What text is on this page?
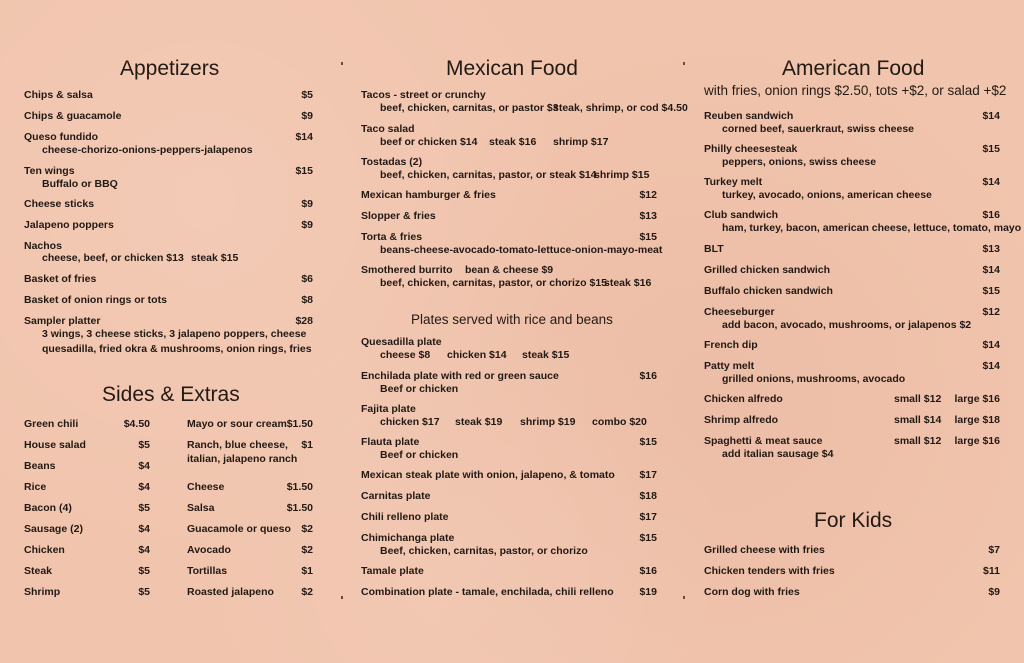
Appetizers
Chips & salsa	$5
Chips & guacamole	$9
Queso fundido	$14
cheese-chorizo-onions-peppers-jalapenos
Ten wings	$15
Buffalo or BBQ
Cheese sticks	$9
Jalapeno poppers	$9
Nachos
cheese, beef, or chicken $13 steak $15
Basket of fries	$6
Basket of onion rings or tots	$8
Sampler platter	$28
3 wings, 3 cheese sticks, 3 jalapeno poppers, cheese
quesadilla, fried okra & mushrooms, onion rings, fries
Sides & Extras
Green chili	$4.50
House salad	$5
Beans	$4
Rice	$4
Bacon (4)	$5
Sausage (2)	$4
Chicken	$4
Steak	$5
Shrimp	$5
Mayo or sour cream $1.50
Ranch, blue cheese, $1
italian, jalapeno ranch
Cheese	$1.50
Salsa	$1.50
Guacamole or queso $2
Avocado	$2
Tortillas	$1
Roasted jalapeno	$2
Mexican Food
Tacos - street or crunchy
beef, chicken, carnitas, or pastor $3
steak, shrimp, or cod $4.50
Taco salad
beef or chicken $14 steak $16 shrimp $17
Tostadas (2)
beef, chicken, carnitas, pastor, or steak $14
shrimp $15
Mexican hamburger & fries	$12
Slopper & fries	$13
Torta & fries	$15
beans-cheese-avocado-tomato-lettuce-onion-mayo-meat
Smothered burrito bean & cheese $9
beef, chicken, carnitas, pastor, or chorizo $15
steak $16
Plates served with rice and beans
Quesadilla plate
cheese $8 chicken $14 steak $15
Enchilada plate with red or green sauce	$16
Beef or chicken
Fajita plate
chicken $17 steak $19 shrimp $19 combo $20
Flauta plate	$15
Beef or chicken
Mexican steak plate with onion, jalapeno, & tomato $17
Carnitas plate	$18
Chili relleno plate	$17
Chimichanga plate	$15
Beef, chicken, carnitas, pastor, or chorizo
Tamale plate	$16
Combination plate - tamale, enchilada, chili relleno $19
American Food
with fries, onion rings $2.50, tots +$2, or salad +$2
Reuben sandwich	$14
corned beef, sauerkraut, swiss cheese
Philly cheesesteak	$15
peppers, onions, swiss cheese
Turkey melt	$14
turkey, avocado, onions, american cheese
Club sandwich	$16
ham, turkey, bacon, american cheese, lettuce, tomato, mayo
BLT	$13
Grilled chicken sandwich	$14
Buffalo chicken sandwich	$15
Cheeseburger	$12
add bacon, avocado, mushrooms, or jalapenos $2
French dip	$14
Patty melt	$14
grilled onions, mushrooms, avocado
Chicken alfredo	small $12 large $16
Shrimp alfredo	small $14 large $18
Spaghetti & meat sauce	small $12 large $16
add italian sausage $4
For Kids
Grilled cheese with fries	$7
Chicken tenders with fries	$11
Corn dog with fries	$9
